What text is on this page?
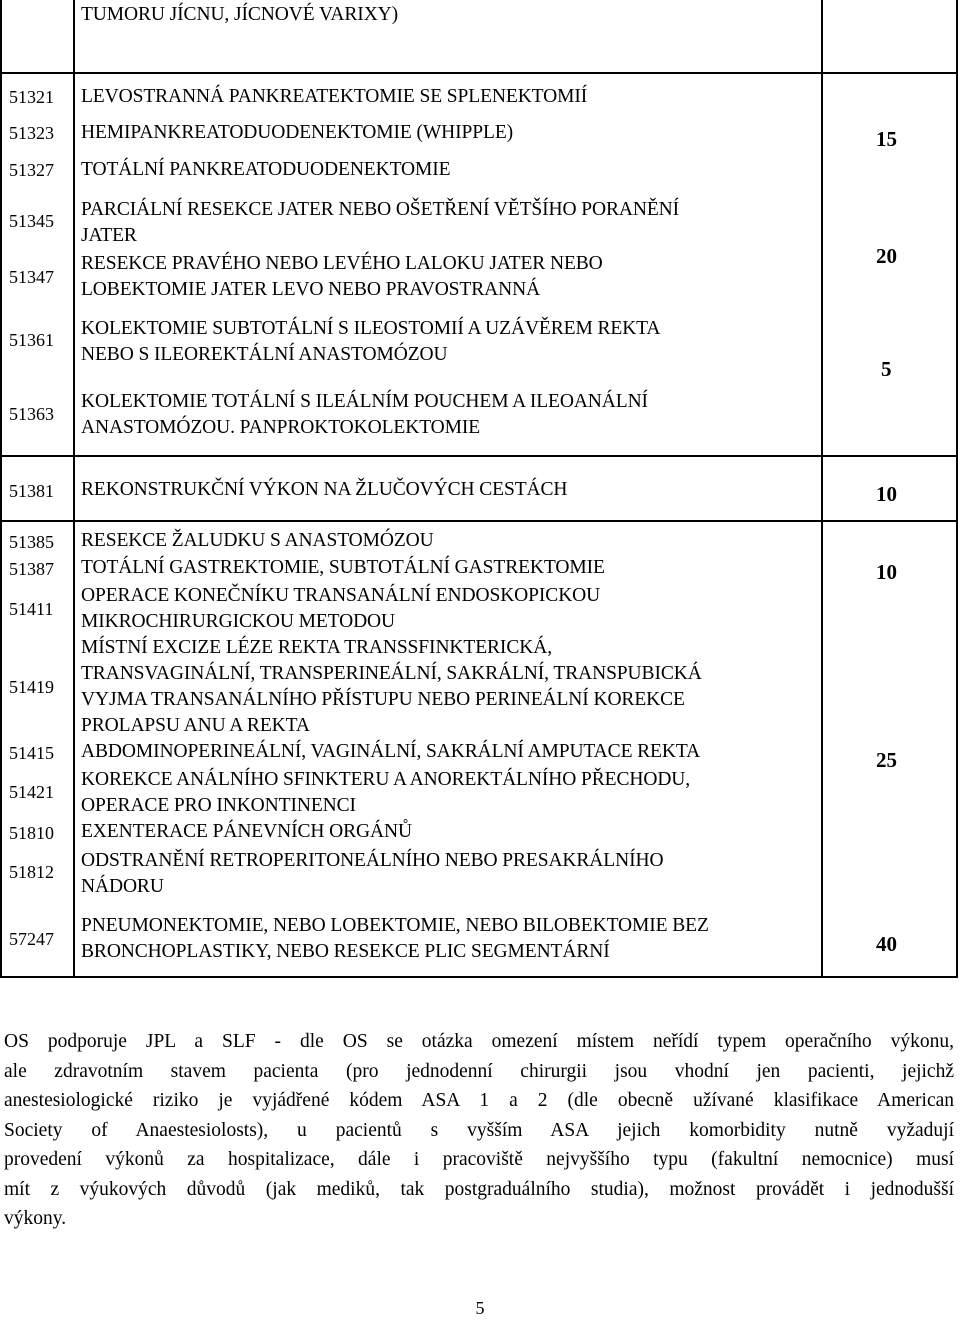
TUMORU JÍCNU, JÍCNOVÉ VARIXY)
51321 LEVOSTRANNÁ PANKREATEKTOMIE SE SPLENEKTOMIÍ
51323 HEMIPANKREATODUODENEKTOMIE (WHIPPLE)
51327 TOTÁLNÍ PANKREATODUODENEKTOMIE
51345
PARCIÁLNÍ RESEKCE JATER NEBO OŠETŘENÍ VĚTŠÍHO PORANĚNÍ
JATER
51347
RESEKCE PRAVÉHO NEBO LEVÉHO LALOKU JATER NEBO
LOBEKTOMIE JATER LEVO NEBO PRAVOSTRANNÁ
51361
KOLEKTOMIE SUBTOTÁLNÍ S ILEOSTOMIÍ A UZÁVĚREM REKTA
NEBO S ILEOREKTÁLNÍ ANASTOMÓZOU
51363
KOLEKTOMIE TOTÁLNÍ S ILEÁLNÍM POUCHEM A ILEOANÁLNÍ
ANASTOMÓZOU. PANPROKTOKOLEKTOMIE
51381 REKONSTRUKČNÍ VÝKON NA ŽLUČOVÝCH CESTÁCH
51385 RESEKCE ŽALUDKU S ANASTOMÓZOU
51387 TOTÁLNÍ GASTREKTOMIE, SUBTOTÁLNÍ GASTREKTOMIE
51411
OPERACE KONEČNÍKU TRANSANÁLNÍ ENDOSKOPICKOU
MIKROCHIRURGICKOU METODOU
51419
MÍSTNÍ EXCIZE LÉZE REKTA TRANSSFINKTERICKÁ,
TRANSVAGINÁLNÍ, TRANSPERINEÁLNÍ, SAKRÁLNÍ, TRANSPUBICKÁ
VYJMA TRANSANÁLNÍHO PŘÍSTUPU NEBO PERINEÁLNÍ KOREKCE
PROLAPSU ANU A REKTA
51415 ABDOMINOPERINEÁLNÍ, VAGINÁLNÍ, SAKRÁLNÍ AMPUTACE REKTA
51421
KOREKCE ANÁLNÍHO SFINKTERU A ANOREKTÁLNÍHO PŘECHODU,
OPERACE PRO INKONTINENCI
51810 EXENTERACE PÁNEVNÍCH ORGÁNŮ
51812
ODSTRANĚNÍ RETROPERITONEÁLNÍHO NEBO PRESAKRÁLNÍHO
NÁDORU
57247
PNEUMONEKTOMIE, NEBO LOBEKTOMIE, NEBO BILOBEKTOMIE BEZ
BRONCHOPLASTIKY, NEBO RESEKCE PLIC SEGMENTÁRNÍ
15
20
5
10
10
25
40
OS podporuje JPL a SLF - dle OS se otázka omezení místem neřídí typem operačního výkonu,
ale zdravotním stavem pacienta (pro jednodenní chirurgii jsou vhodní jen pacienti, jejichž
anestesiologické riziko je vyjádřené kódem ASA 1 a 2 (dle obecně užívané klasifikace American
Society of Anaestesiolosts), u pacientů s vyšším ASA jejich komorbidity nutně vyžadují
provedení výkonů za hospitalizace, dále i pracoviště nejvyššího typu (fakultní nemocnice) musí
mít z výukových důvodů (jak mediků, tak postgraduálního studia), možnost provádět i jednodušší
výkony.
5
